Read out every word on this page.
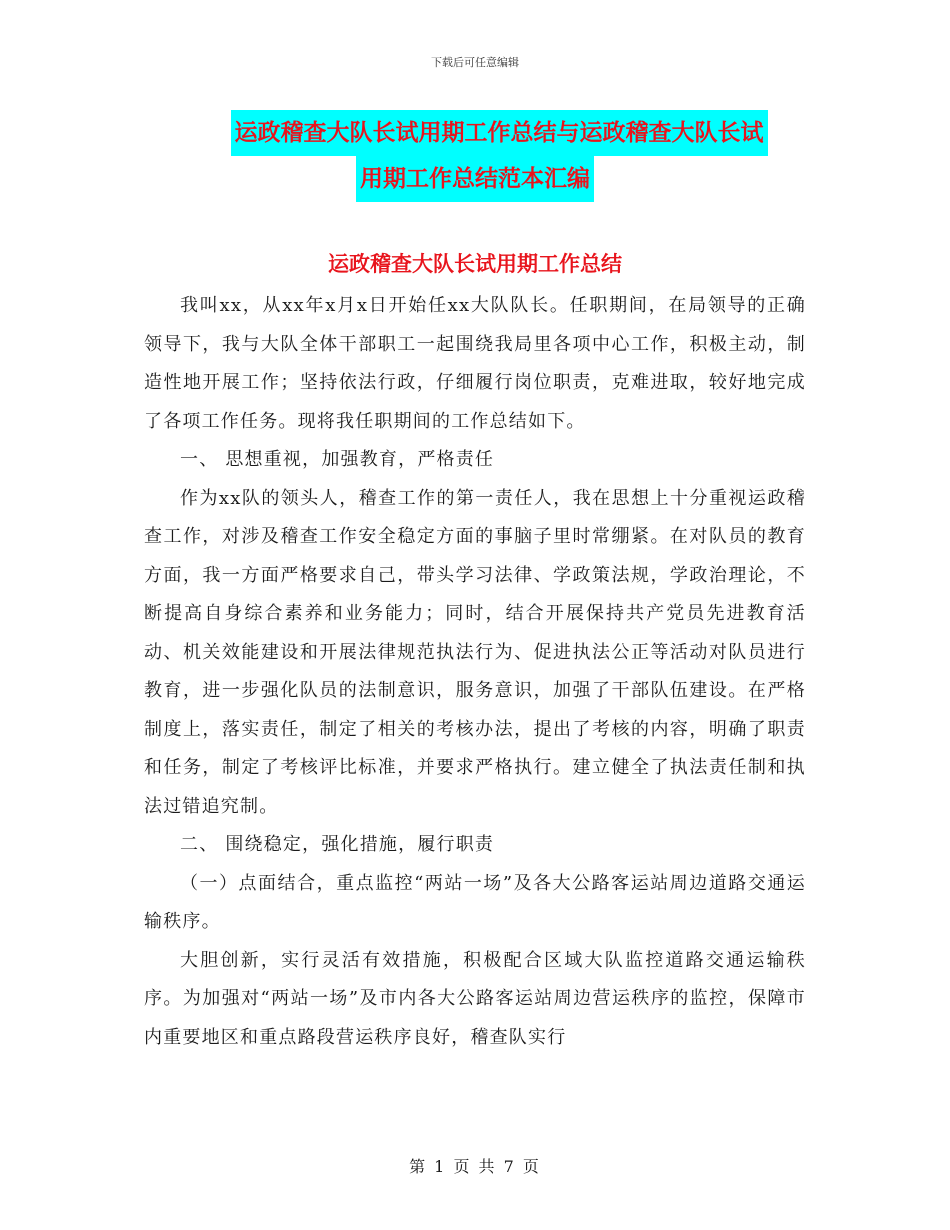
下载后可任意编辑
运政稽查大队长试用期工作总结与运政稽查大队长试
用期工作总结范本汇编
运政稽查大队长试用期工作总结

我叫xx，从xx年x月x日开始任xx大队队长。任职期间，在局领导的正确领导下，我与大队全体干部职工一起围绕我局里各项中心工作，积极主动，制造性地开展工作；坚持依法行政，仔细履行岗位职责，克难进取，较好地完成了各项工作任务。现将我任职期间的工作总结如下。

一、 思想重视，加强教育，严格责任

作为xx队的领头人，稽查工作的第一责任人，我在思想上十分重视运政稽查工作，对涉及稽查工作安全稳定方面的事脑子里时常绷紧。在对队员的教育方面，我一方面严格要求自己，带头学习法律、学政策法规，学政治理论，不断提高自身综合素养和业务能力；同时，结合开展保持共产党员先进教育活动、机关效能建设和开展法律规范执法行为、促进执法公正等活动对队员进行教育，进一步强化队员的法制意识，服务意识，加强了干部队伍建设。在严格制度上，落实责任，制定了相关的考核办法，提出了考核的内容，明确了职责和任务，制定了考核评比标准，并要求严格执行。建立健全了执法责任制和执法过错追究制。

二、 围绕稳定，强化措施，履行职责

（一）点面结合，重点监控“两站一场”及各大公路客运站周边道路交通运输秩序。

大胆创新，实行灵活有效措施，积极配合区域大队监控道路交通运输秩序。为加强对“两站一场”及市内各大公路客运站周边营运秩序的监控，保障市内重要地区和重点路段营运秩序良好，稽查队实行

第 1 页 共 7 页
